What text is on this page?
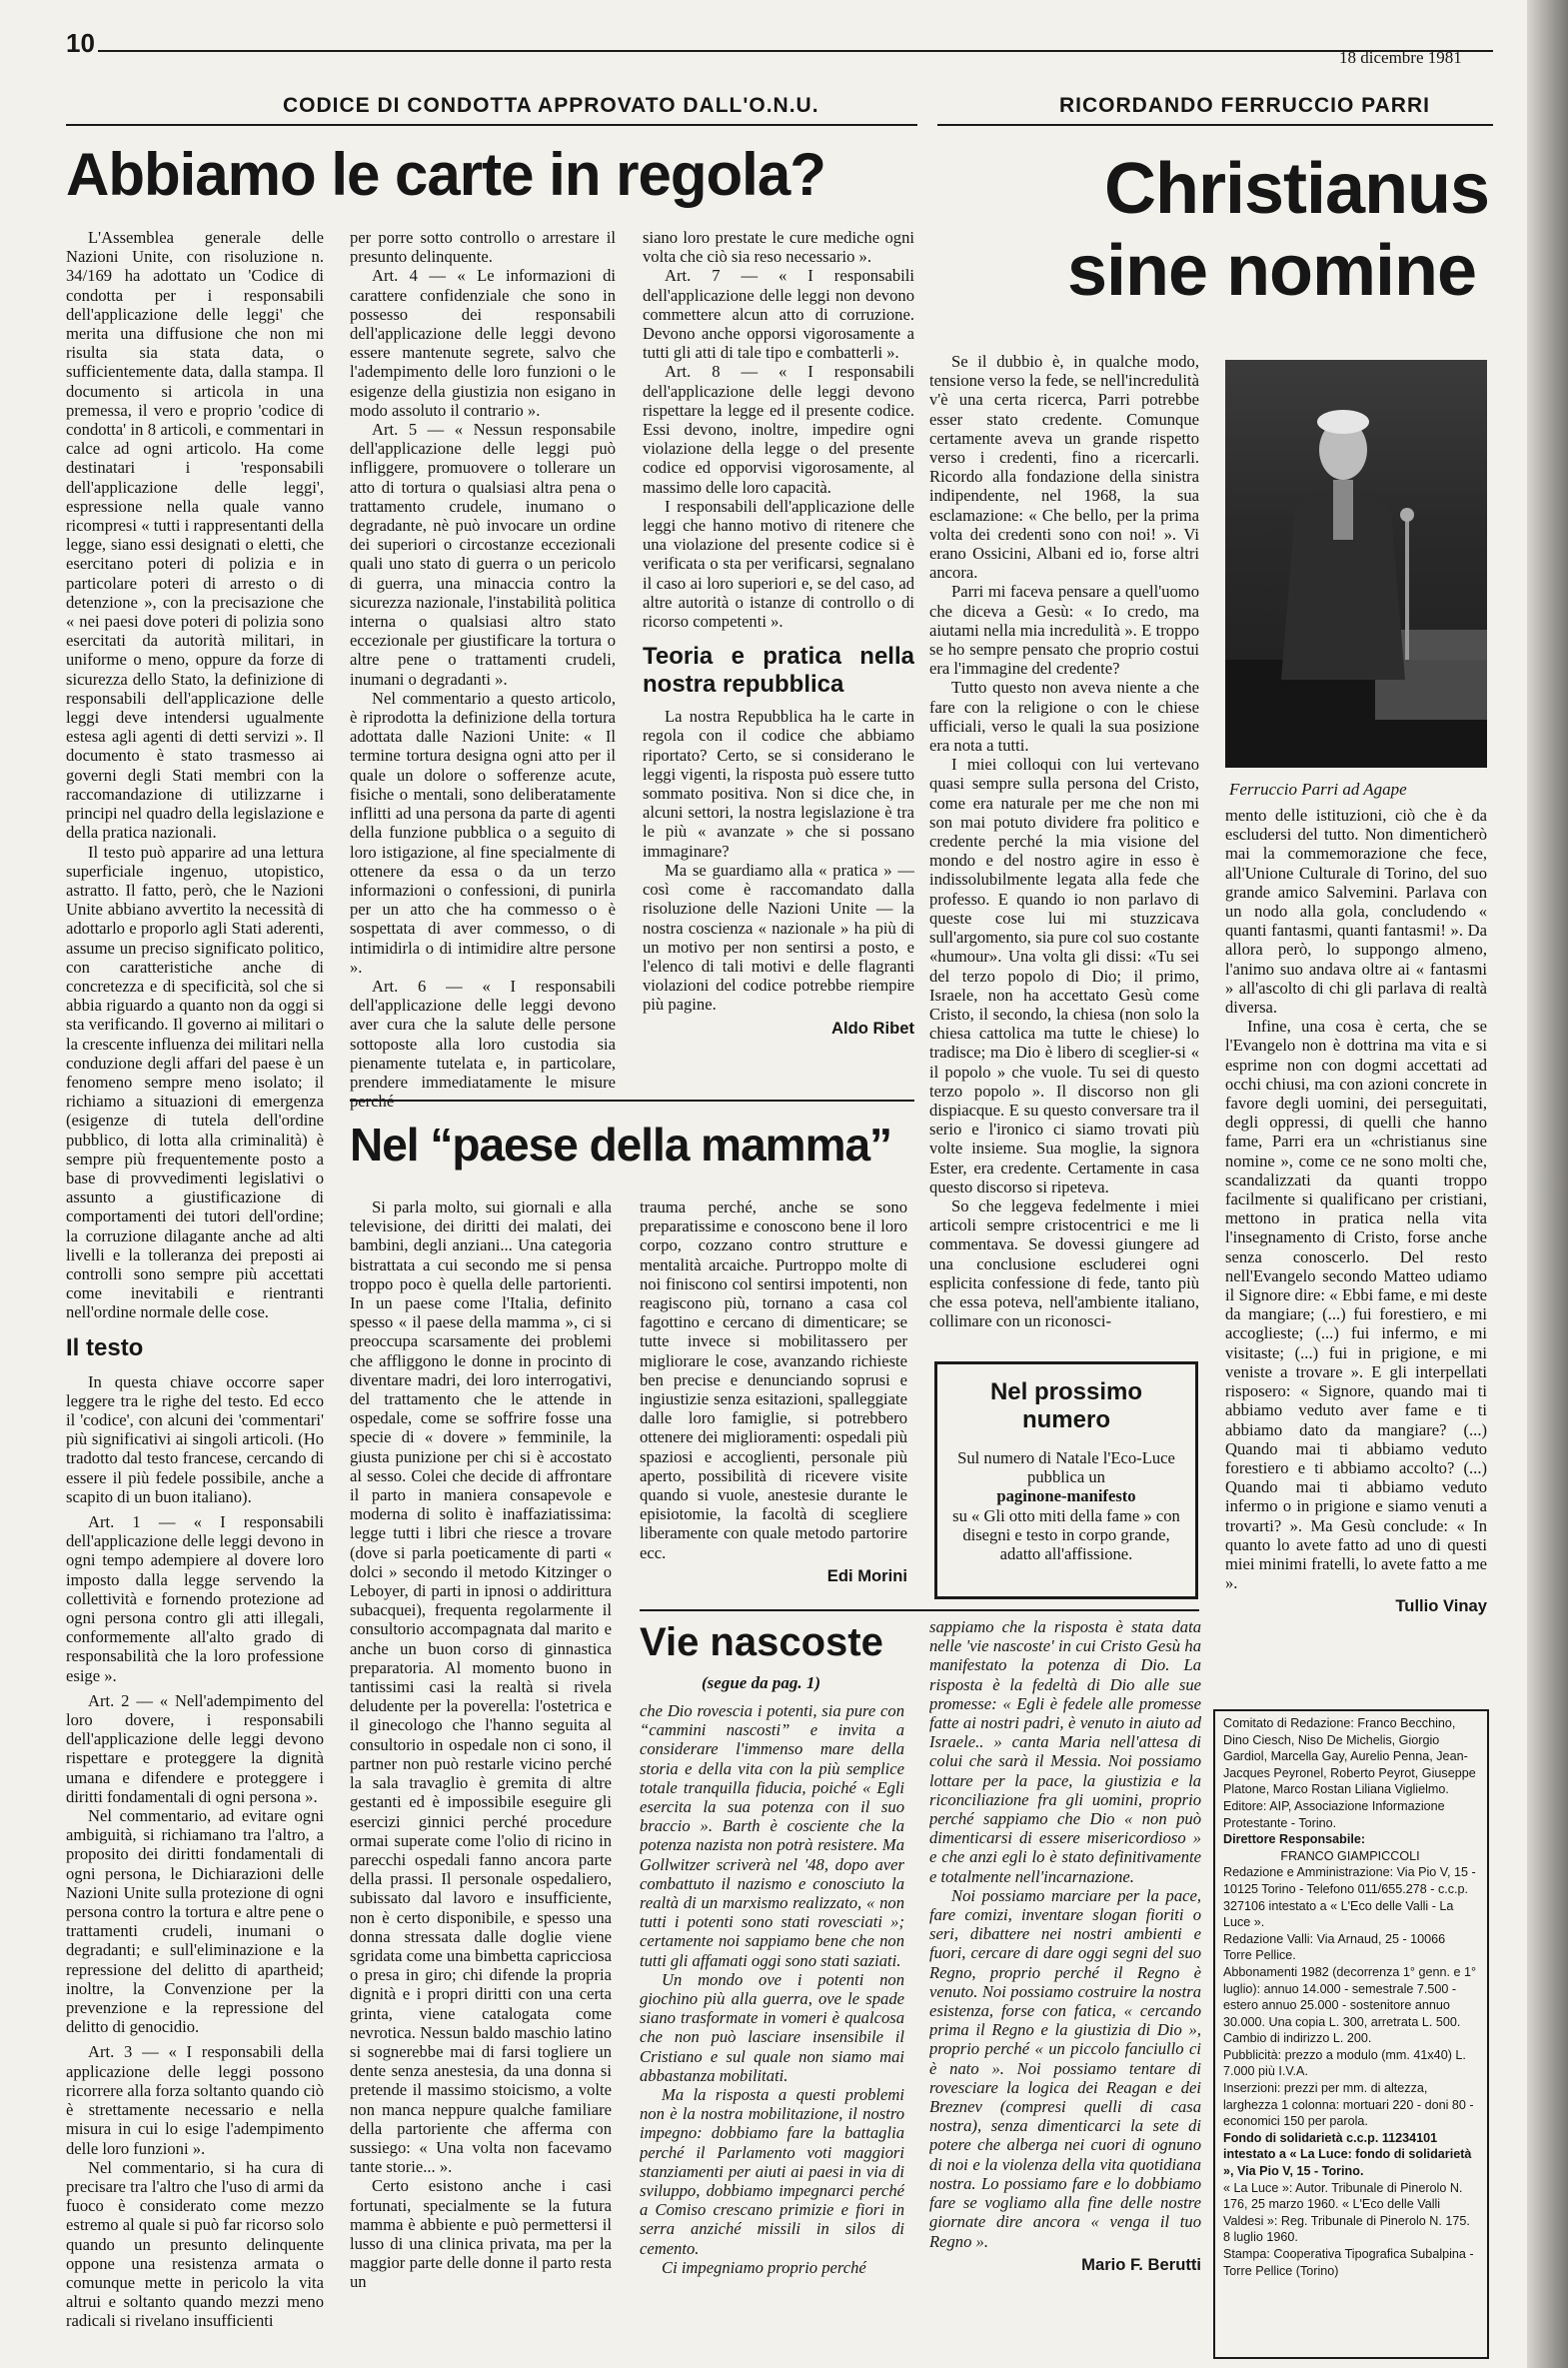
10	18 dicembre 1981
CODICE DI CONDOTTA APPROVATO DALL'O.N.U.
Abbiamo le carte in regola?
RICORDANDO FERRUCCIO PARRI
Christianus
sine nomine

L'Assemblea generale delle Nazioni Unite, con risoluzione n. 34/169 ha adottato un 'Codice di condotta per i responsabili dell'applicazione delle leggi' che merita una diffusione che non mi risulta sia stata data, o sufficientemente data, dalla stampa. Il documento si articola in una premessa, il vero e proprio 'codice di condotta' in 8 articoli, e commentari in calce ad ogni articolo. Ha come destinatari i 'responsabili dell'applicazione delle leggi', espressione nella quale vanno ricompresi « tutti i rappresentanti della legge, siano essi designati o eletti, che esercitano poteri di polizia e in particolare poteri di arresto o di detenzione », con la precisazione che « nei paesi dove poteri di polizia sono esercitati da autorità militari, in uniforme o meno, oppure da forze di sicurezza dello Stato, la definizione di responsabili dell'applicazione delle leggi deve intendersi ugualmente estesa agli agenti di detti servizi ». Il documento è stato trasmesso ai governi degli Stati membri con la raccomandazione di utilizzarne i principi nel quadro della legislazione e della pratica nazionali.

Il testo può apparire ad una lettura superficiale ingenuo, utopistico, astratto. Il fatto, però, che le Nazioni Unite abbiano avvertito la necessità di adottarlo e proporlo agli Stati aderenti, assume un preciso significato politico, con caratteristiche anche di concretezza e di specificità, sol che si abbia riguardo a quanto non da oggi si sta verificando. Il governo ai militari o la crescente influenza dei militari nella conduzione degli affari del paese è un fenomeno sempre meno isolato; il richiamo a situazioni di emergenza (esigenze di tutela dell'ordine pubblico, di lotta alla criminalità) è sempre più frequentemente posto a base di provvedimenti legislativi o assunto a giustificazione di comportamenti dei tutori dell'ordine; la corruzione dilagante anche ad alti livelli e la tolleranza dei preposti ai controlli sono sempre più accettati come inevitabili e rientranti nell'ordine normale delle cose.

Il testo

In questa chiave occorre saper leggere tra le righe del testo. Ed ecco il 'codice', con alcuni dei 'commentari' più significativi ai singoli articoli. (Ho tradotto dal testo francese, cercando di essere il più fedele possibile, anche a scapito di un buon italiano).

Art. 1 — « I responsabili dell'applicazione delle leggi devono in ogni tempo adempiere al dovere loro imposto dalla legge servendo la collettività e fornendo protezione ad ogni persona contro gli atti illegali, conformemente all'alto grado di responsabilità che la loro professione esige ».

Art. 2 — « Nell'adempimento del loro dovere, i responsabili dell'applicazione delle leggi devono rispettare e proteggere la dignità umana e difendere e proteggere i diritti fondamentali di ogni persona ».

Nel commentario, ad evitare ogni ambiguità, si richiamano tra l'altro, a proposito dei diritti fondamentali di ogni persona, le Dichiarazioni delle Nazioni Unite sulla protezione di ogni persona contro la tortura e altre pene o trattamenti crudeli, inumani o degradanti; e sull'eliminazione e la repressione del delitto di apartheid; inoltre, la Convenzione per la prevenzione e la repressione del delitto di genocidio.

Art. 3 — « I responsabili della applicazione delle leggi possono ricorrere alla forza soltanto quando ciò è strettamente necessario e nella misura in cui lo esige l'adempimento delle loro funzioni ».

Nel commentario, si ha cura di precisare tra l'altro che l'uso di armi da fuoco è considerato come mezzo estremo al quale si può far ricorso solo quando un presunto delinquente oppone una resistenza armata o comunque mette in pericolo la vita altrui e soltanto quando mezzi meno radicali si rivelano insufficienti

per porre sotto controllo o arrestare il presunto delinquente.

Art. 4 — « Le informazioni di carattere confidenziale che sono in possesso dei responsabili dell'applicazione delle leggi devono essere mantenute segrete, salvo che l'adempimento delle loro funzioni o le esigenze della giustizia non esigano in modo assoluto il contrario ».

Art. 5 — « Nessun responsabile dell'applicazione delle leggi può infliggere, promuovere o tollerare un atto di tortura o qualsiasi altra pena o trattamento crudele, inumano o degradante, nè può invocare un ordine dei superiori o circostanze eccezionali quali uno stato di guerra o un pericolo di guerra, una minaccia contro la sicurezza nazionale, l'instabilità politica interna o qualsiasi altro stato eccezionale per giustificare la tortura o altre pene o trattamenti crudeli, inumani o degradanti ».

Nel commentario a questo articolo, è riprodotta la definizione della tortura adottata dalle Nazioni Unite: « Il termine tortura designa ogni atto per il quale un dolore o sofferenze acute, fisiche o mentali, sono deliberatamente inflitti ad una persona da parte di agenti della funzione pubblica o a seguito di loro istigazione, al fine specialmente di ottenere da essa o da un terzo informazioni o confessioni, di punirla per un atto che ha commesso o è sospettata di aver commesso, o di intimidirla o di intimidire altre persone ».

Art. 6 — « I responsabili dell'applicazione delle leggi devono aver cura che la salute delle persone sottoposte alla loro custodia sia pienamente tutelata e, in particolare, prendere immediatamente le misure

siano loro prestate le cure mediche ogni volta che ciò sia reso necessario ».

Art. 7 — « I responsabili dell'applicazione delle leggi non devono commettere alcun atto di corruzione. Devono anche opporsi vigorosamente a tutti gli atti di tale tipo e combatterli ».

Art. 8 — « I responsabili dell'applicazione delle leggi devono rispettare la legge ed il presente codice. Essi devono, inoltre, impedire ogni violazione della legge o del presente codice ed opporvisi vigorosamente, al massimo delle loro capacità.

I responsabili dell'applicazione delle leggi che hanno motivo di ritenere che una violazione del presente codice si è verificata o sta per verificarsi, segnalano il caso ai loro superiori e, se del caso, ad altre autorità o istanze di controllo o di ricorso competenti ».

Teoria e pratica nella nostra repubblica

La nostra Repubblica ha le carte in regola con il codice che abbiamo riportato? Certo, se si considerano le leggi vigenti, la risposta può essere tutto sommato positiva. Non si dice che, in alcuni settori, la nostra legislazione è tra le più « avanzate » che si possano immaginare?

Ma se guardiamo alla « pratica » — così come è raccomandato dalla risoluzione delle Nazioni Unite — la nostra coscienza « nazionale » ha più di un motivo per non sentirsi a posto, e l'elenco di tali motivi e delle flagranti violazioni del codice potrebbe riempire più pagine.

Aldo Ribet

Nel “paese della mamma”

Si parla molto, sui giornali e alla televisione, dei diritti dei malati, dei bambini, degli anziani... Una categoria bistrattata a cui secondo me si pensa troppo poco è quella delle partorienti. In un paese come l'Italia, definito spesso « il paese della mamma », ci si preoccupa scarsamente dei problemi che affliggono le donne in procinto di diventare madri, dei loro interrogativi, del trattamento che le attende in ospedale, come se soffrire fosse una specie di « dovere » femminile, la giusta punizione per chi si è accostato al sesso. Colei che decide di affrontare il parto in maniera consapevole e moderna di solito è inaffaziatissima: legge tutti i libri che riesce a trovare (dove si parla poeticamente di parti « dolci » secondo il metodo Kitzinger o Leboyer, di parti in ipnosi o addirittura subacquei), frequenta regolarmente il consultorio accompagnata dal marito e anche un buon corso di ginnastica preparatoria. Al momento buono in tantissimi casi la realtà si rivela deludente per la poverella: l'ostetrica e il ginecologo che l'hanno seguita al consultorio in ospedale non ci sono, il partner non può restarle vicino perché la sala travaglio è gremita di altre gestanti ed è impossibile eseguire gli esercizi ginnici perché procedure ormai superate come l'olio di ricino in parecchi ospedali fanno ancora parte della prassi. Il personale ospedaliero, subissato dal lavoro e insufficiente, non è certo disponibile, e spesso una donna stressata dalle doglie viene sgridata come una bimbetta capricciosa o presa in giro; chi difende la propria dignità e i propri diritti con una certa grinta, viene catalogata come nevrotica. Nessun baldo maschio latino si sognerebbe mai di farsi togliere un dente senza anestesia, da una donna si pretende il massimo stoicismo, a volte non manca neppure qualche familiare della partoriente che afferma con sussiego: « Una volta non facevamo tante storie... ».

Certo esistono anche i casi fortunati, specialmente se la futura mamma è abbiente e può permettersi il lusso di una clinica privata, ma per la maggior parte delle donne il parto resta un

trauma perché, anche se sono preparatissime e conoscono bene il loro corpo, cozzano contro strutture e mentalità arcaiche. Purtroppo molte di noi finiscono col sentirsi impotenti, non reagiscono più, tornano a casa col fagottino e cercano di dimenticare; se tutte invece si mobilitassero per migliorare le cose, avanzando richieste ben precise e denunciando soprusi e ingiustizie senza esitazioni, spalleggiate dalle loro famiglie, si potrebbero ottenere dei miglioramenti: ospedali più spaziosi e accoglienti, personale più aperto, possibilità di ricevere visite quando si vuole, anestesie durante le episiotomie, la facoltà di scegliere liberamente con quale metodo partorire ecc.

Edi Morini

Vie nascoste
(segue da pag. 1)

che Dio rovescia i potenti, sia pure con “cammini nascosti” e invita a considerare l'immenso mare della storia e della vita con la più semplice totale tranquilla fiducia, poiché « Egli esercita la sua potenza con il suo braccio ». Barth è cosciente che la potenza nazista non potrà resistere. Ma Gollwitzer scriverà nel '48, dopo aver combattuto il nazismo e conosciuto la realtà di un marxismo realizzato, « non tutti i potenti sono stati rovesciati »; certamente noi sappiamo bene che non tutti gli affamati oggi sono stati saziati.

Un mondo ove i potenti non giochino più alla guerra, ove le spade siano trasformate in vomeri è qualcosa che non può lasciare insensibile il Cristiano e sul quale non siamo mai abbastanza mobilitati.

Ma la risposta a questi problemi non è la nostra mobilitazione, il nostro impegno: dobbiamo fare la battaglia perché il Parlamento voti maggiori stanziamenti per aiuti ai paesi in via di sviluppo, dobbiamo impegnarci perché a Comiso crescano primizie e fiori in serra anziché missili in silos di cemento.

Ci impegniamo proprio perché

sappiamo che la risposta è stata data nelle 'vie nascoste' in cui Cristo Gesù ha manifestato la potenza di Dio. La risposta è la fedeltà di Dio alle sue promesse: « Egli è fedele alle promesse fatte ai nostri padri, è venuto in aiuto ad Israele.. » canta Maria nell'attesa di colui che sarà il Messia. Noi possiamo lottare per la pace, la giustizia e la riconciliazione fra gli uomini, proprio perché sappiamo che Dio « non può dimenticarsi di essere misericordioso » e che anzi egli lo è stato definitivamente e totalmente nell'incarnazione.

Noi possiamo marciare per la pace, fare comizi, inventare slogan fioriti o seri, dibattere nei nostri ambienti e fuori, cercare di dare oggi segni del suo Regno, proprio perché il Regno è venuto. Noi possiamo costruire la nostra esistenza, forse con fatica, « cercando prima il Regno e la giustizia di Dio », proprio perché « un piccolo fanciullo ci è nato ». Noi possiamo tentare di rovesciare la logica dei Reagan e dei Breznev (compresi quelli di casa nostra), senza dimenticarci la sete di potere che alberga nei cuori di ognuno di noi e la violenza della vita quotidiana nostra. Lo possiamo fare e lo dobbiamo fare se vogliamo alla fine delle nostre giornate dire ancora « venga il tuo Regno ».

Mario F. Berutti

Nel prossimo numero
Sul numero di Natale l'Eco-Luce pubblica un
paginone-manifesto
su « Gli otto miti della fame » con disegni e testo in corpo grande, adatto all'affissione.

Se il dubbio è, in qualche modo, tensione verso la fede, se nell'incredulità v'è una certa ricerca, Parri potrebbe esser stato credente. Comunque certamente aveva un grande rispetto verso i credenti, fino a ricercarli. Ricordo alla fondazione della sinistra indipendente, nel 1968, la sua esclamazione: « Che bello, per la prima volta dei credenti sono con noi! ». Vi erano Ossicini, Albani ed io, forse altri ancora.

Parri mi faceva pensare a quell'uomo che diceva a Gesù: « Io credo, ma aiutami nella mia incredulità ». E troppo se ho sempre pensato che proprio costui era l'immagine del credente?

Tutto questo non aveva niente a che fare con la religione o con le chiese ufficiali, verso le quali la sua posizione era nota a tutti.

I miei colloqui con lui vertevano quasi sempre sulla persona del Cristo, come era naturale per me che non mi son mai potuto dividere fra politico e credente perché la mia visione del mondo e del nostro agire in esso è indissolubilmente legata alla fede che professo. E quando io non parlavo di queste cose lui mi stuzzicava sull'argomento, sia pure col suo costante «humour». Una volta gli dissi: «Tu sei del terzo popolo di Dio; il primo, Israele, non ha accettato Gesù come Cristo, il secondo, la chiesa (non solo la chiesa cattolica ma tutte le chiese) lo tradisce; ma Dio è libero di sceglier-si « il popolo » che vuole. Tu sei di questo terzo popolo ». Il discorso non gli dispiacque. E su questo conversare tra il serio e l'ironico ci siamo trovati più volte insieme. Sua moglie, la signora Ester, era credente. Certamente in casa questo discorso si ripeteva.

So che leggeva fedelmente i miei articoli sempre cristocentrici e me li commentava. Se dovessi giungere ad una conclusione escluderei ogni esplicita confessione di fede, tanto più che essa poteva, nell'ambiente italiano, collimare con un riconosci-

Ferruccio Parri ad Agape

mento delle istituzioni, ciò che è da escludersi del tutto. Non dimenticherò mai la commemorazione che fece, all'Unione Culturale di Torino, del suo grande amico Salvemini. Parlava con un nodo alla gola, concludendo « quanti fantasmi, quanti fantasmi! ». Da allora però, lo suppongo almeno, l'animo suo andava oltre ai « fantasmi » all'ascolto di chi gli parlava di realtà diversa.

Infine, una cosa è certa, che se l'Evangelo non è dottrina ma vita e si esprime non con dogmi accettati ad occhi chiusi, ma con azioni concrete in favore degli uomini, dei perseguitati, degli oppressi, di quelli che hanno fame, Parri era un «christianus sine nomine », come ce ne sono molti che, scandalizzati da quanti troppo facilmente si qualificano per cristiani, mettono in pratica nella vita l'insegnamento di Cristo, forse anche senza conoscerlo. Del resto nell'Evangelo secondo Matteo udiamo il Signore dire: « Ebbi fame, e mi deste da mangiare; (...) fui forestiero, e mi accoglieste; (...) fui infermo, e mi visitaste; (...) fui in prigione, e mi veniste a trovare ». E gli interpellati risposero: « Signore, quando mai ti abbiamo veduto aver fame e ti abbiamo dato da mangiare? (...) Quando mai ti abbiamo veduto forestiero e ti abbiamo accolto? (...) Quando mai ti abbiamo veduto infermo o in prigione e siamo venuti a trovarti? ». Ma Gesù conclude: « In quanto lo avete fatto ad uno di questi miei minimi fratelli, lo avete fatto a me ».

Tullio Vinay

Comitato di Redazione: Franco Becchino, Dino Ciesch, Niso De Michelis, Giorgio Gardiol, Marcella Gay, Aurelio Penna, Jean-Jacques Peyronel, Roberto Peyrot, Giuseppe Platone, Marco Rostan Liliana Viglielmo.
Editore: AIP, Associazione Informazione Protestante - Torino.
Direttore Responsabile:
FRANCO GIAMPICCOLI
Redazione e Amministrazione: Via Pio V, 15 - 10125 Torino - Telefono 011/655.278 - c.c.p. 327106 intestato a « L'Eco delle Valli - La Luce ».
Redazione Valli: Via Arnaud, 25 - 10066 Torre Pellice.
Abbonamenti 1982 (decorrenza 1° genn. e 1° luglio): annuo 14.000 - semestrale 7.500 - estero annuo 25.000 - sostenitore annuo 30.000. Una copia L. 300, arretrata L. 500. Cambio di indirizzo L. 200.
Pubblicità: prezzo a modulo (mm. 41x40) L. 7.000 più I.V.A.
Inserzioni: prezzi per mm. di altezza, larghezza 1 colonna: mortuari 220 - doni 80 - economici 150 per parola.
Fondo di solidarietà c.c.p. 11234101 intestato a « La Luce: fondo di solidarietà », Via Pio V, 15 - Torino.
« La Luce »: Autor. Tribunale di Pinerolo N. 176, 25 marzo 1960. « L'Eco delle Valli Valdesi »: Reg. Tribunale di Pinerolo N. 175. 8 luglio 1960.
Stampa: Cooperativa Tipografica Subalpina - Torre Pellice (Torino)
